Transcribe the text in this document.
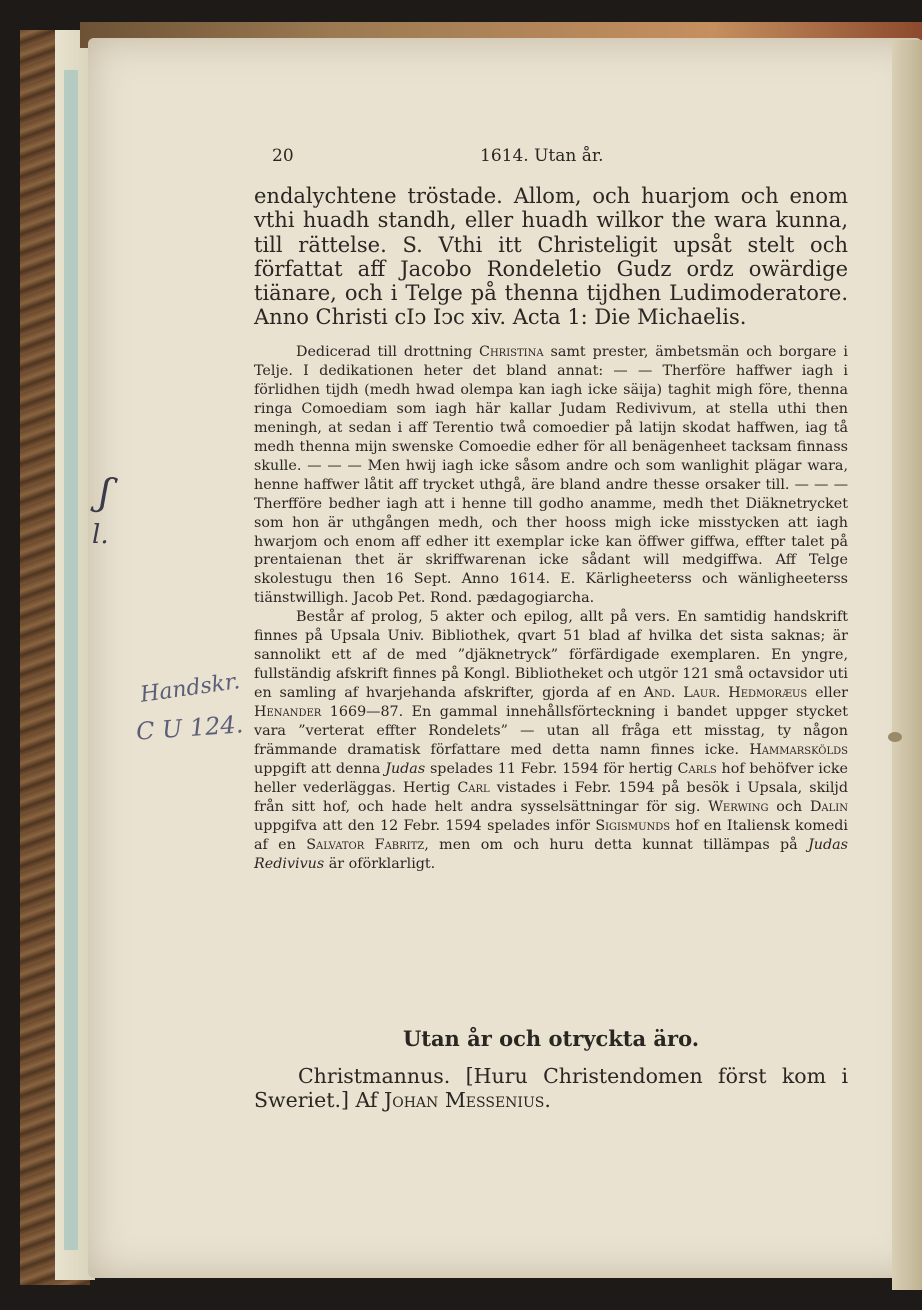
20	1614. Utan år.
endalychtene tröstade. Allom, och huarjom och enom vthi huadh standh, eller huadh wilkor the wara kunna, till rättelse. S. Vthi itt Christeligit upsåt stelt och författat aff Jacobo Rondeletio Gudz ordz owärdige tiänare, och i Telge på thenna tijdhen Ludimoderatore. Anno Christi cIↄ Iↄc xiv. Acta 1: Die Michaelis.

Dedicerad till drottning Christina samt prester, ämbetsmän och borgare i Telje. I dedikationen heter det bland annat: — — Therföre haffwer iagh i förlidhen tijdh (medh hwad olempa kan iagh icke säija) taghit migh före, thenna ringa Comoediam som iagh här kallar Judam Redivivum, at stella uthi then meningh, at sedan i aff Terentio twå comoedier på latijn skodat haffwen, iag tå medh thenna mijn swenske Comoedie edher för all benägenheet tacksam finnass skulle. — — — Men hwij iagh icke såsom andre och som wanlighit plägar wara, henne haffwer låtit aff trycket uthgå, äre bland andre thesse orsaker till. — — — Therfföre bedher iagh att i henne till godho anamme, medh thet Diäknetrycket som hon är uthgången medh, och ther hooss migh icke misstycken att iagh hwarjom och enom aff edher itt exemplar icke kan öffwer giffwa, effter talet på prentaienan thet är skriffwarenan icke sådant will medgiffwa. Aff Telge skolestugu then 16 Sept. Anno 1614. E. Kärligheeterss och wänligheeterss tiänstwilligh. Jacob Pet. Rond. pædagogiarcha.

Består af prolog, 5 akter och epilog, allt på vers. En samtidig handskrift finnes på Upsala Univ. Bibliothek, qvart 51 blad af hvilka det sista saknas; är sannolikt ett af de med ”djäknetryck” förfärdigade exemplaren. En yngre, fullständig afskrift finnes på Kongl. Bibliotheket och utgör 121 små octavsidor uti en samling af hvarjehanda afskrifter, gjorda af en And. Laur. Hedmoræus eller Henander 1669—87. En gammal innehållsförteckning i bandet uppger stycket vara ”verterat effter Rondelets” — utan all fråga ett misstag, ty någon främmande dramatisk författare med detta namn finnes icke. Hammarskölds uppgift att denna Judas spelades 11 Febr. 1594 för hertig Carls hof behöfver icke heller vederläggas. Hertig Carl vistades i Febr. 1594 på besök i Upsala, skiljd från sitt hof, och hade helt andra sysselsättningar för sig. Werwing och Dalin uppgifva att den 12 Febr. 1594 spelades inför Sigismunds hof en Italiensk komedi af en Salvator Fabritz, men om och huru detta kunnat tillämpas på Judas Redivivus är oförklarligt.

Utan år och otryckta äro.
Christmannus. [Huru Christendomen först kom i Sweriet.] Af Johan Messenius.
ʃ
l.
Handskr.
C U 124.
